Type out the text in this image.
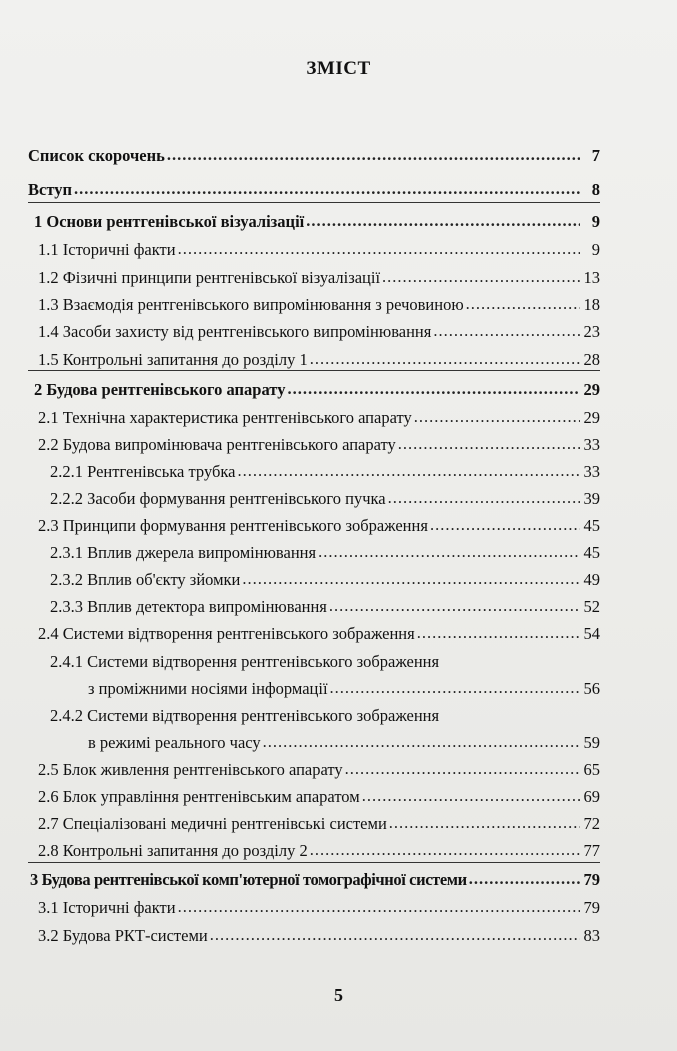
ЗМІСТ
Список скорочень .....	7
Вступ .....	8
1 Основи рентгенівської візуалізації .....	9
1.1 Історичні факти .....	9
1.2 Фізичні принципи рентгенівської візуалізації .....	13
1.3 Взаємодія рентгенівського випромінювання з речовиною .....	18
1.4 Засоби захисту від рентгенівського випромінювання .....	23
1.5 Контрольні запитання до розділу 1 .....	28
2 Будова рентгенівського апарату .....	29
2.1 Технічна характеристика рентгенівського апарату .....	29
2.2 Будова випромінювача рентгенівського апарату .....	33
2.2.1 Рентгенівська трубка .....	33
2.2.2 Засоби формування рентгенівського пучка .....	39
2.3 Принципи формування рентгенівського зображення .....	45
2.3.1 Вплив джерела випромінювання .....	45
2.3.2 Вплив об'єкту зйомки .....	49
2.3.3 Вплив детектора випромінювання .....	52
2.4 Системи відтворення рентгенівського зображення .....	54
2.4.1 Системи відтворення рентгенівського зображення
з проміжними носіями інформації .....	56
2.4.2 Системи відтворення рентгенівського зображення
в режимі реального часу .....	59
2.5 Блок живлення рентгенівського апарату .....	65
2.6 Блок управління рентгенівським апаратом .....	69
2.7 Спеціалізовані медичні рентгенівські системи .....	72
2.8 Контрольні запитання до розділу 2 .....	77
3 Будова рентгенівської комп'ютерної томографічної системи .....	79
3.1 Історичні факти .....	79
3.2 Будова РКТ-системи .....	83
5
